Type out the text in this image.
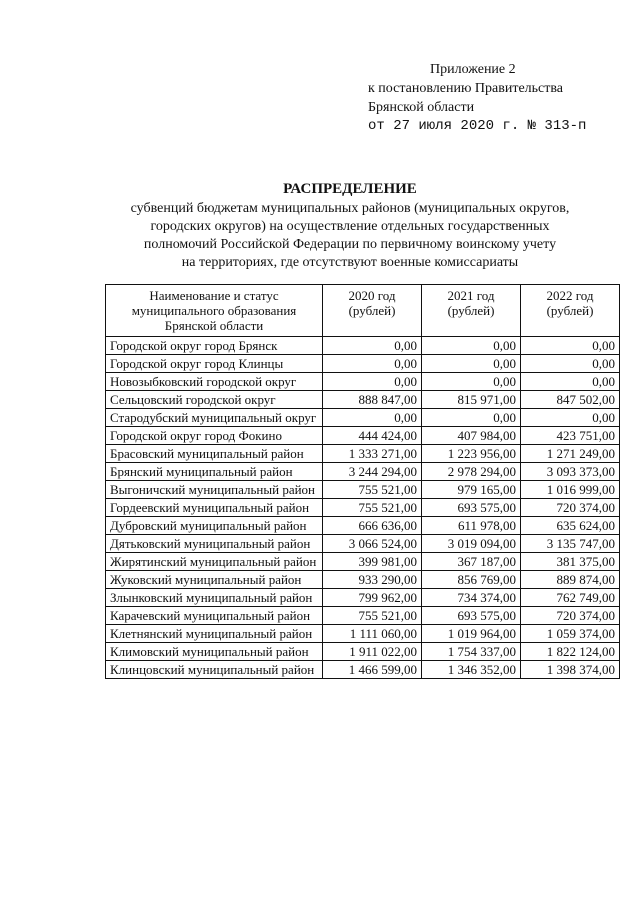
Приложение 2
к постановлению Правительства
Брянской области
от 27 июля 2020 г. № 313-п
РАСПРЕДЕЛЕНИЕ
субвенций бюджетам муниципальных районов (муниципальных округов,
городских округов) на осуществление отдельных государственных
полномочий Российской Федерации по первичному воинскому учету
на территориях, где отсутствуют военные комиссариаты
Наименование и статус муниципального образования Брянской области	2020 год (рублей)	2021 год (рублей)	2022 год (рублей)
Городской округ город Брянск	0,00	0,00	0,00
Городской округ город Клинцы	0,00	0,00	0,00
Новозыбковский городской округ	0,00	0,00	0,00
Сельцовский городской округ	888 847,00	815 971,00	847 502,00
Стародубский муниципальный округ	0,00	0,00	0,00
Городской округ город Фокино	444 424,00	407 984,00	423 751,00
Брасовский муниципальный район	1 333 271,00	1 223 956,00	1 271 249,00
Брянский муниципальный район	3 244 294,00	2 978 294,00	3 093 373,00
Выгоничский муниципальный район	755 521,00	979 165,00	1 016 999,00
Гордеевский муниципальный район	755 521,00	693 575,00	720 374,00
Дубровский муниципальный район	666 636,00	611 978,00	635 624,00
Дятьковский муниципальный район	3 066 524,00	3 019 094,00	3 135 747,00
Жирятинский муниципальный район	399 981,00	367 187,00	381 375,00
Жуковский муниципальный район	933 290,00	856 769,00	889 874,00
Злынковский муниципальный район	799 962,00	734 374,00	762 749,00
Карачевский муниципальный район	755 521,00	693 575,00	720 374,00
Клетнянский муниципальный район	1 111 060,00	1 019 964,00	1 059 374,00
Климовский муниципальный район	1 911 022,00	1 754 337,00	1 822 124,00
Клинцовский муниципальный район	1 466 599,00	1 346 352,00	1 398 374,00
